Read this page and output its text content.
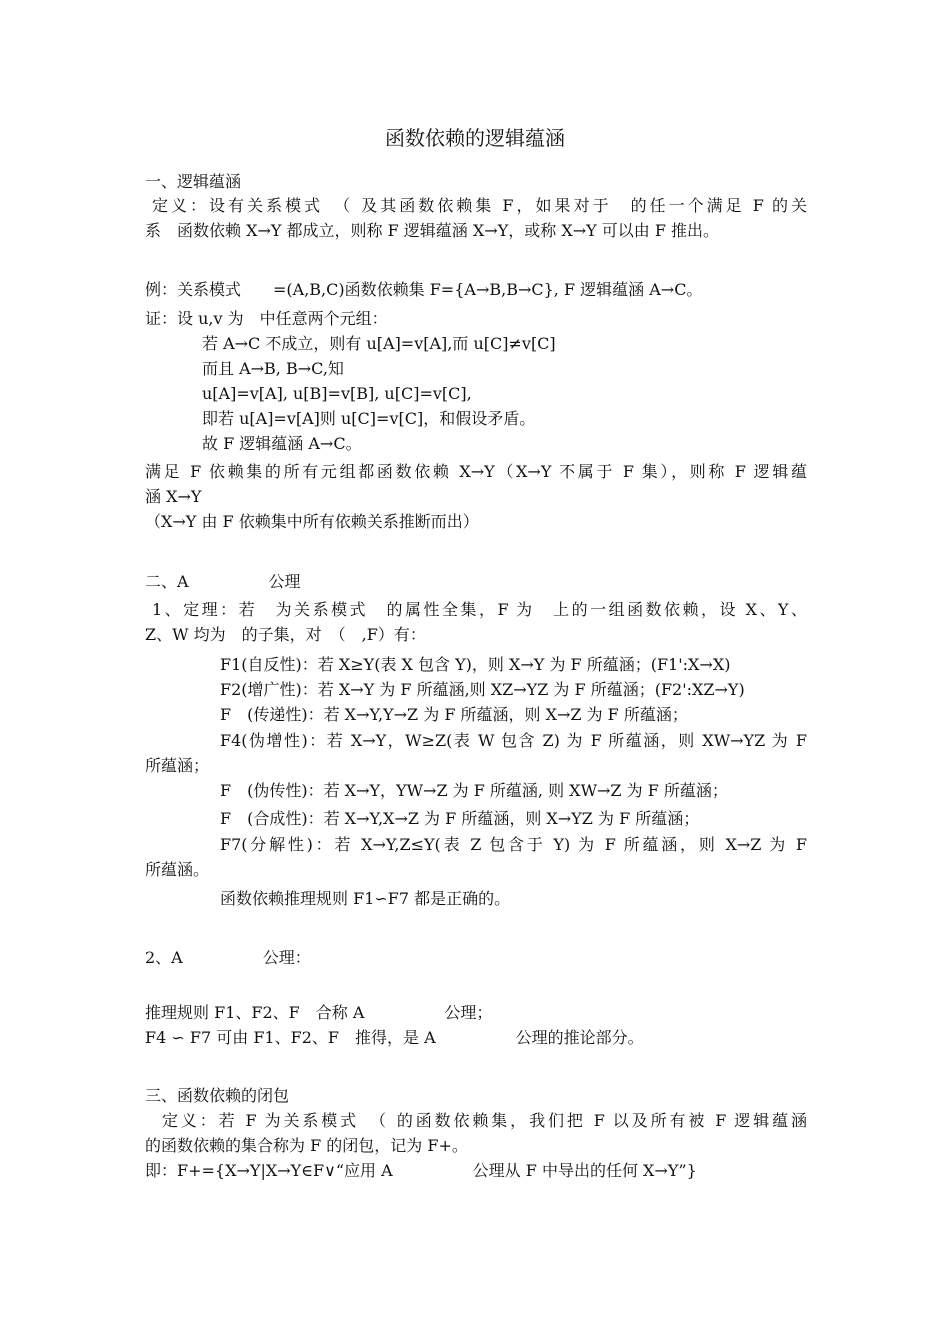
函数依赖的逻辑蕴涵
一、逻辑蕴涵
定义：设有关系模式　（ 及其函数依赖集 F，如果对于　的任一个满足 F 的关
系　函数依赖 X→Y 都成立，则称 F 逻辑蕴涵 X→Y，或称 X→Y 可以由 F 推出。
例：关系模式　　=(A,B,C)函数依赖集 F={A→B,B→C}, F 逻辑蕴涵 A→C。
证：设 u,v 为　中任意两个元组：
若 A→C 不成立，则有 u[A]=v[A],而 u[C]≠v[C]
而且 A→B, B→C,知
u[A]=v[A], u[B]=v[B], u[C]=v[C],
即若 u[A]=v[A]则 u[C]=v[C]，和假设矛盾。
故 F 逻辑蕴涵 A→C。
满足 F 依赖集的所有元组都函数依赖 X→Y（X→Y 不属于 F 集），则称 F 逻辑蕴
涵 X→Y
（X→Y 由 F 依赖集中所有依赖关系推断而出）
二、A　　　　　公理
1、定理：若　为关系模式　的属性全集，F 为　上的一组函数依赖，设 X、Y、
Z、W 均为　的子集，对　（　,F）有：
F1(自反性)：若 X≥Y(表 X 包含 Y)，则 X→Y 为 F 所蕴涵；(F1':X→X)
F2(增广性)：若 X→Y 为 F 所蕴涵,则 XZ→YZ 为 F 所蕴涵；(F2':XZ→Y)
F　(传递性)：若 X→Y,Y→Z 为 F 所蕴涵，则 X→Z 为 F 所蕴涵；
F4(伪增性)：若 X→Y，W≥Z(表 W 包含 Z) 为 F 所蕴涵，则 XW→YZ 为 F
所蕴涵；
F　(伪传性)：若 X→Y，YW→Z 为 F 所蕴涵, 则 XW→Z 为 F 所蕴涵；
F　(合成性)：若 X→Y,X→Z 为 F 所蕴涵，则 X→YZ 为 F 所蕴涵；
F7(分解性)：若 X→Y,Z≤Y(表 Z 包含于 Y) 为 F 所蕴涵，则 X→Z 为 F
所蕴涵。
函数依赖推理规则 F1∽F7 都是正确的。
2、A　　　　　公理：
推理规则 F1、F2、F　合称 A　　　　　公理；
F4 ∽ F7 可由 F1、F2、F　推得，是 A　　　　　公理的推论部分。
三、函数依赖的闭包
定义：若 F 为关系模式　（ 的函数依赖集，我们把 F 以及所有被 F 逻辑蕴涵
的函数依赖的集合称为 F 的闭包，记为 F+。
即：F+={X→Y|X→Y∈F∨“应用 A　　　　　公理从 F 中导出的任何 X→Y”}
